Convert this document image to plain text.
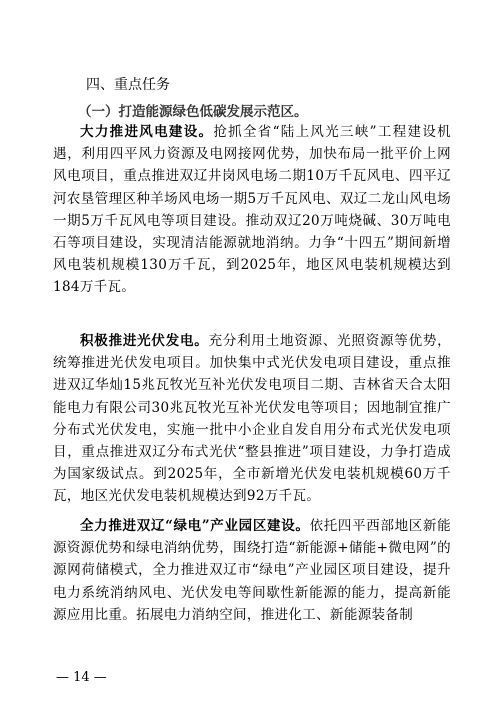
四、重点任务
（一）打造能源绿色低碳发展示范区。

大力推进风电建设。抢抓全省“陆上风光三峡”工程建设机遇，利用四平风力资源及电网接网优势，加快布局一批平价上网风电项目，重点推进双辽井岗风电场二期10万千瓦风电、四平辽河农垦管理区种羊场风电场一期5万千瓦风电、双辽二龙山风电场一期5万千瓦风电等项目建设。推动双辽20万吨烧碱、30万吨电石等项目建设，实现清洁能源就地消纳。力争“十四五”期间新增风电装机规模130万千瓦，到2025年，地区风电装机规模达到184万千瓦。

积极推进光伏发电。充分利用土地资源、光照资源等优势，统筹推进光伏发电项目。加快集中式光伏发电项目建设，重点推进双辽华灿15兆瓦牧光互补光伏发电项目二期、吉林省天合太阳能电力有限公司30兆瓦牧光互补光伏发电等项目；因地制宜推广分布式光伏发电，实施一批中小企业自发自用分布式光伏发电项目，重点推进双辽分布式光伏“整县推进”项目建设，力争打造成为国家级试点。到2025年，全市新增光伏发电装机规模60万千瓦，地区光伏发电装机规模达到92万千瓦。

全力推进双辽“绿电”产业园区建设。依托四平西部地区新能源资源优势和绿电消纳优势，围绕打造“新能源+储能+微电网”的源网荷储模式，全力推进双辽市“绿电”产业园区项目建设，提升电力系统消纳风电、光伏发电等间歇性新能源的能力，提高新能源应用比重。拓展电力消纳空间，推进化工、新能源装备制

— 14 —
